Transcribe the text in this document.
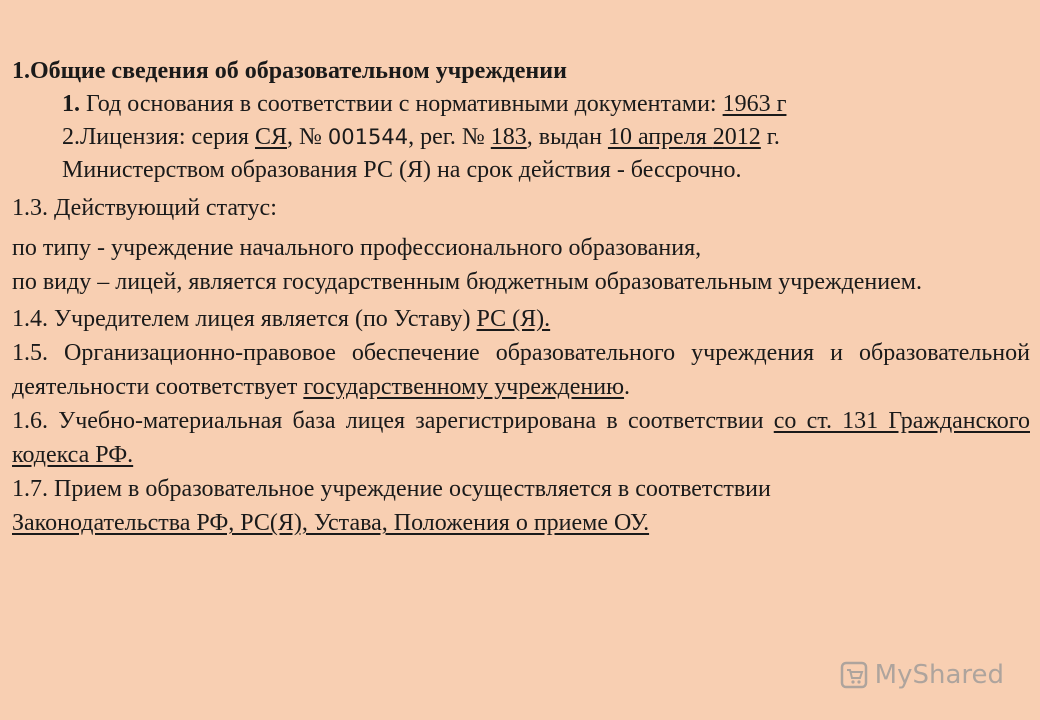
1.Общие сведения об образовательном учреждении

1. Год основания в соответствии с нормативными документами: 1963 г

2.Лицензия: серия СЯ, № 001544, рег. № 183, выдан 10 апреля 2012 г.

Министерством образования РС (Я) на срок действия - бессрочно.

1.3. Действующий статус:

по типу - учреждение начального профессионального образования,

по виду – лицей, является государственным бюджетным образовательным учреждением.

1.4. Учредителем лицея является (по Уставу) РС (Я).

1.5. Организационно-правовое обеспечение образовательного учреждения и образовательной деятельности соответствует государственному учреждению.

1.6. Учебно-материальная база лицея зарегистрирована в соответствии со ст. 131 Гражданского кодекса РФ.

1.7. Прием в образовательное учреждение осуществляется в соответствии

Законодательства РФ, РС(Я), Устава, Положения о приеме ОУ.

MyShared
